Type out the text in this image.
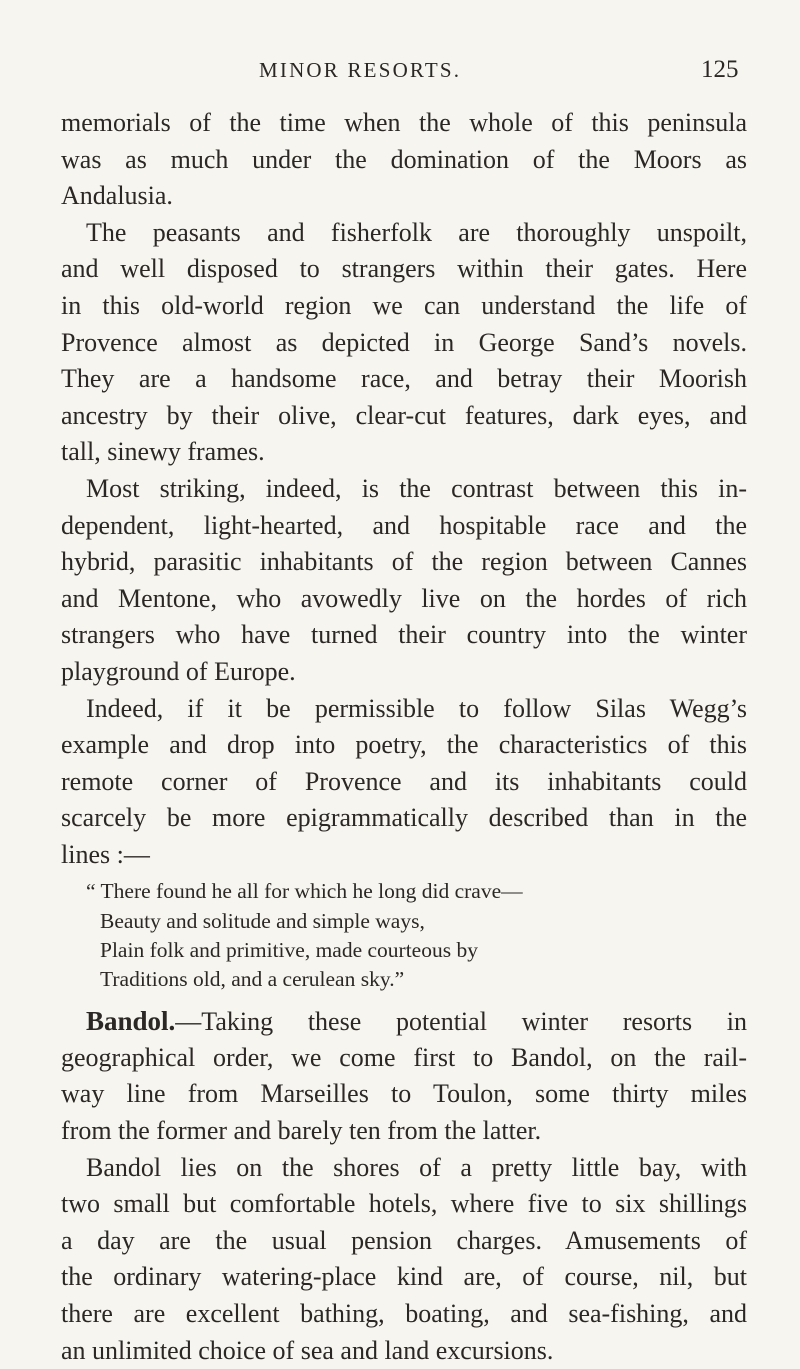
MINOR RESORTS.	125
memorials of the time when the whole of this peninsula
was as much under the domination of the Moors as
Andalusia.
The peasants and fisherfolk are thoroughly unspoilt,
and well disposed to strangers within their gates. Here
in this old-world region we can understand the life of
Provence almost as depicted in George Sand’s novels.
They are a handsome race, and betray their Moorish
ancestry by their olive, clear-cut features, dark eyes, and
tall, sinewy frames.
Most striking, indeed, is the contrast between this in-
dependent, light-hearted, and hospitable race and the
hybrid, parasitic inhabitants of the region between Cannes
and Mentone, who avowedly live on the hordes of rich
strangers who have turned their country into the winter
playground of Europe.
Indeed, if it be permissible to follow Silas Wegg’s
example and drop into poetry, the characteristics of this
remote corner of Provence and its inhabitants could
scarcely be more epigrammatically described than in the
lines :—
“ There found he all for which he long did crave—
Beauty and solitude and simple ways,
Plain folk and primitive, made courteous by
Traditions old, and a cerulean sky.”
Bandol.—Taking these potential winter resorts in
geographical order, we come first to Bandol, on the rail-
way line from Marseilles to Toulon, some thirty miles
from the former and barely ten from the latter.
Bandol lies on the shores of a pretty little bay, with
two small but comfortable hotels, where five to six shillings
a day are the usual pension charges. Amusements of
the ordinary watering-place kind are, of course, nil, but
there are excellent bathing, boating, and sea-fishing, and
an unlimited choice of sea and land excursions.
